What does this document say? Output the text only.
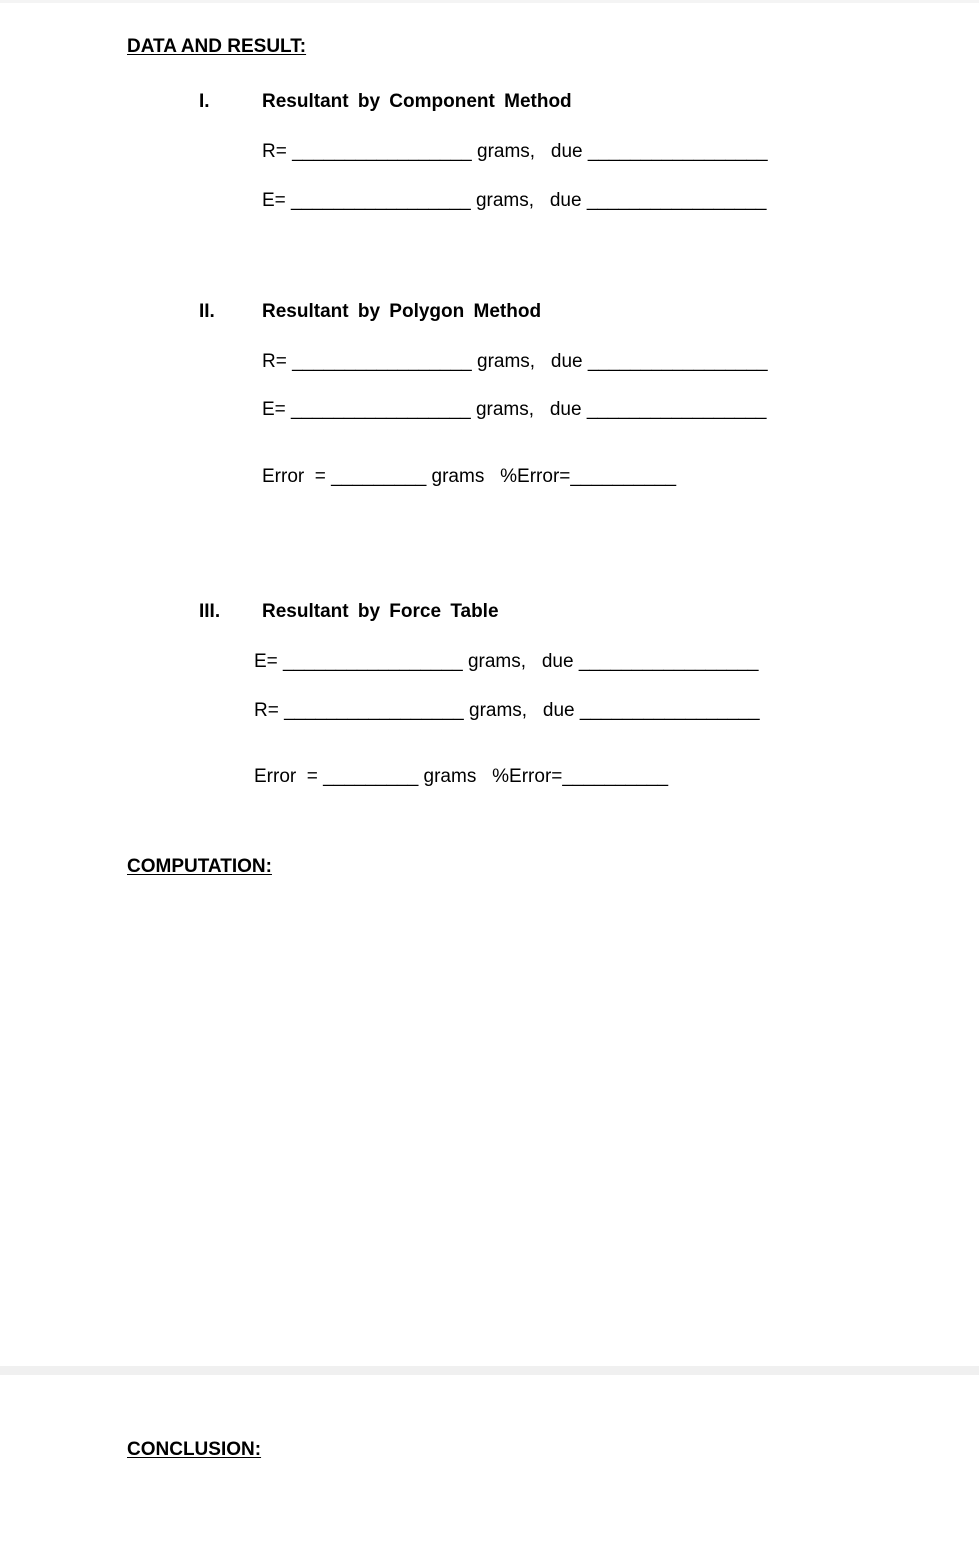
DATA AND RESULT:
I.	Resultant by Component Method
R= _________________ grams,   due _________________
E= _________________ grams,   due _________________
II. Resultant by Polygon Method
R= _________________ grams,   due _________________
E= _________________ grams,   due _________________
Error  = _________ grams   %Error=__________
III. Resultant by Force Table
E= _________________ grams,   due _________________
R= _________________ grams,   due _________________
Error  = _________ grams   %Error=__________
COMPUTATION:
CONCLUSION:
